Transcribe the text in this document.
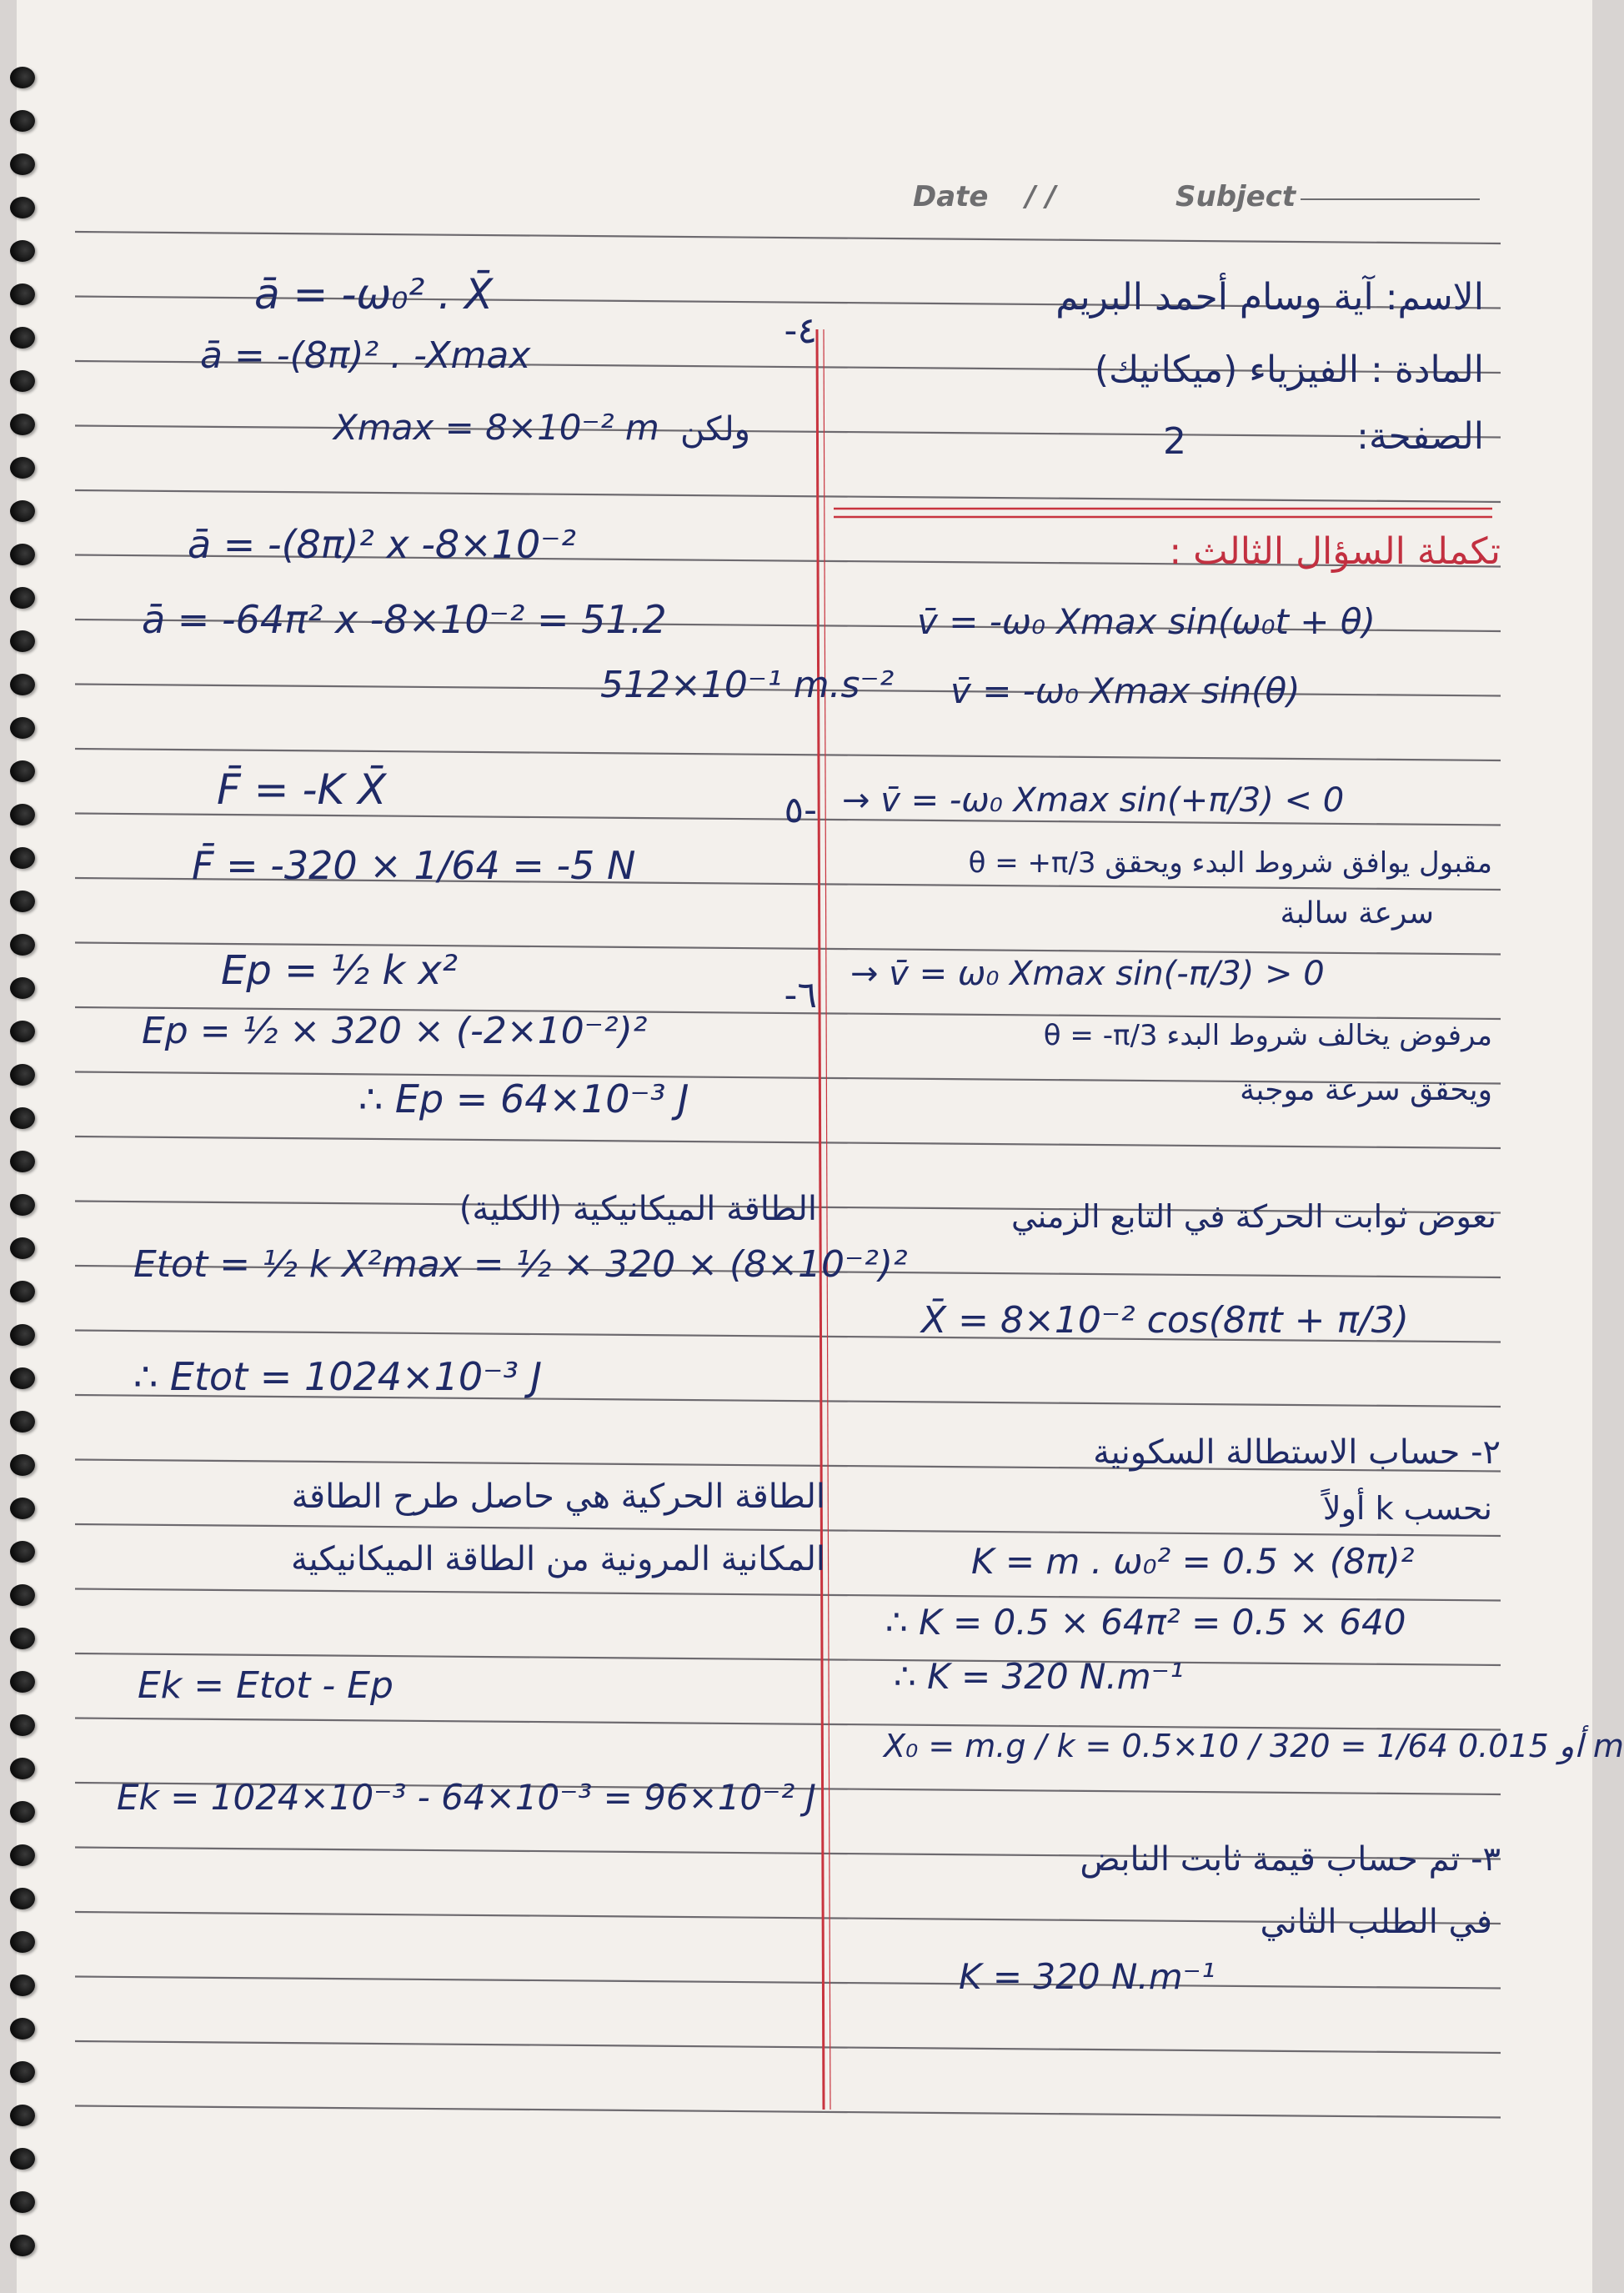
Date / /	Subject
الاسم: آية وسام أحمد البريم
المادة : الفيزياء (ميكانيك)
الصفحة:
2
تكملة السؤال الثالث :
v̄ = -ω₀ Xmax sin(ω₀t + θ)
v̄ = -ω₀ Xmax sin(θ)
→ v̄ = -ω₀ Xmax sin(+π/3) < 0
مقبول يوافق شروط البدء ويحقق θ = +π/3
سرعة سالبة
→ v̄ = ω₀ Xmax sin(-π/3) > 0
مرفوض يخالف شروط البدء θ = -π/3
ويحقق سرعة موجبة
نعوض ثوابت الحركة في التابع الزمني
X̄ = 8×10⁻² cos(8πt + π/3)
٢- حساب الاستطالة السكونية
نحسب k أولاً
K = m . ω₀² = 0.5 × (8π)²
∴ K = 0.5 × 64π² = 0.5 × 640
∴ K = 320 N.m⁻¹
X₀ = m.g / k = 0.5×10 / 320 = 1/64 أو 0.015 m
٣- تم حساب قيمة ثابت النابض
في الطلب الثاني
K = 320 N.m⁻¹
٤-
ā = -ω₀² . X̄
ā = -(8π)² . -Xmax
Xmax = 8×10⁻² m ولكن
ā = -(8π)² x -8×10⁻²
ā = -64π² x -8×10⁻² = 51.2
512×10⁻¹ m.s⁻²
-٥
F̄ = -K X̄
F̄ = -320 × 1/64 = -5 N
٦-
Ep = ½ k x²
Ep = ½ × 320 × (-2×10⁻²)²
∴ Ep = 64×10⁻³ J
الطاقة الميكانيكية (الكلية)
Etot = ½ k X²max = ½ × 320 × (8×10⁻²)²
∴ Etot = 1024×10⁻³ J
الطاقة الحركية هي حاصل طرح الطاقة
المكانية المرونية من الطاقة الميكانيكية
Ek = Etot - Ep
Ek = 1024×10⁻³ - 64×10⁻³ = 96×10⁻² J
